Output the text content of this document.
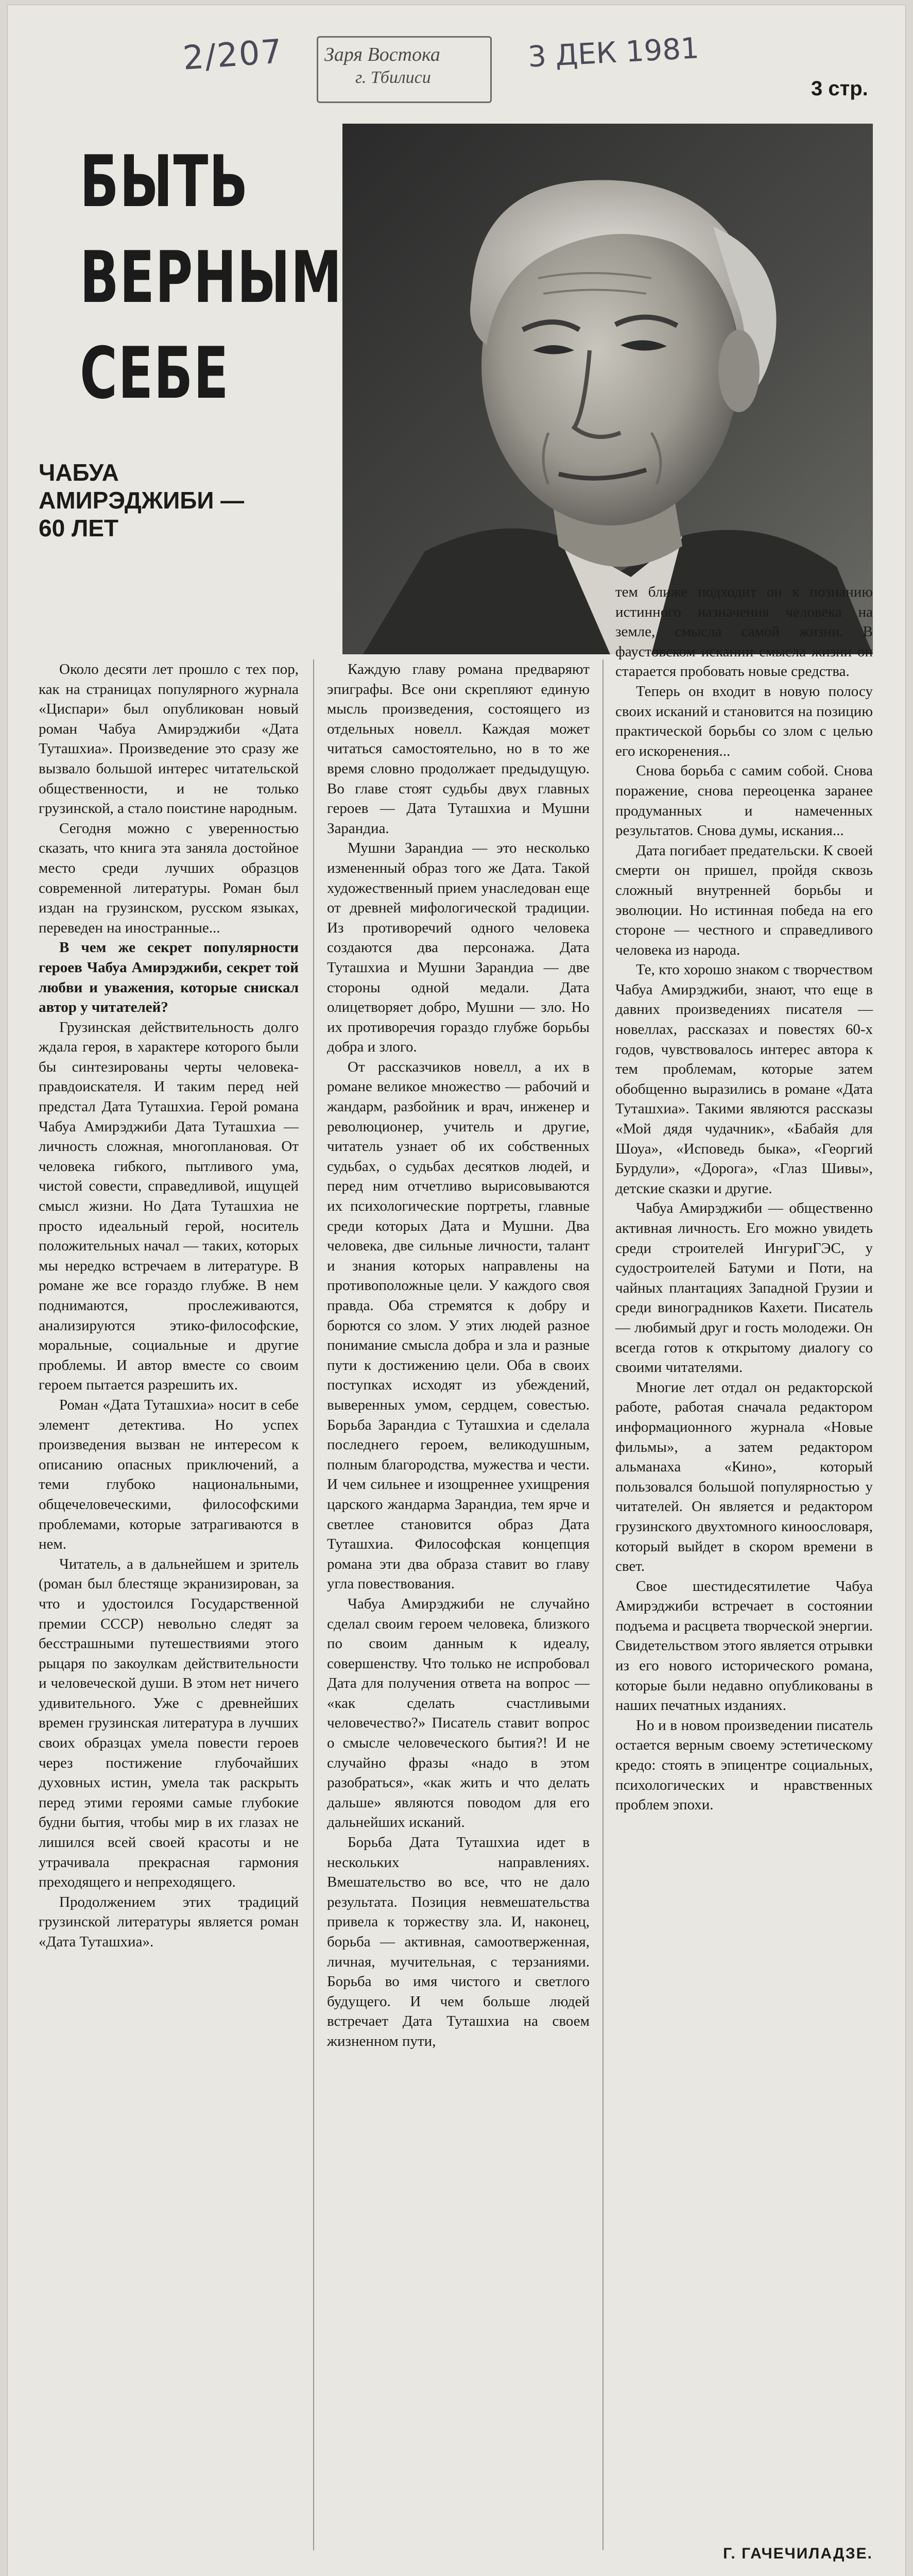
2/207 Заря Востока
г. Тбилиси
3 ДЕК 1981
3 стр.
БЫТЬ
ВЕРНЫМ
СЕБЕ
ЧАБУА АМИРЭДЖИБИ —
60 ЛЕТ

Около десяти лет прошло с тех пор, как на страницах популярного журнала «Циспари» был опубликован новый роман Чабуа Амирэджиби «Дата Туташхиа». Произведение это сразу же вызвало большой интерес читательской общественности, и не только грузинской, а стало поистине народным.

Сегодня можно с уверенностью сказать, что книга эта заняла достойное место среди лучших образцов современной литературы. Роман был издан на грузинском, русском языках, переведен на иностранные...

В чем же секрет популярности героев Чабуа Амирэджиби, секрет той любви и уважения, которые снискал автор у читателей?

Грузинская действительность долго ждала героя, в характере которого были бы синтезированы черты человека-правдоискателя. И таким перед ней предстал Дата Туташхиа. Герой романа Чабуа Амирэджиби Дата Туташхиа — личность сложная, многоплановая. От человека гибкого, пытливого ума, чистой совести, справедливой, ищущей смысл жизни. Но Дата Туташхиа не просто идеальный герой, носитель положительных начал — таких, которых мы нередко встречаем в литературе. В романе же все гораздо глубже. В нем поднимаются, прослеживаются, анализируются этико-философские, моральные, социальные и другие проблемы. И автор вместе со своим героем пытается разрешить их.

Роман «Дата Туташхиа» носит в себе элемент детектива. Но успех произведения вызван не интересом к описанию опасных приключений, а теми глубоко национальными, общечеловеческими, философскими проблемами, которые затрагиваются в нем.

Читатель, а в дальнейшем и зритель (роман был блестяще экранизирован, за что и удостоился Государственной премии СССР) невольно следят за бесстрашными путешествиями этого рыцаря по закоулкам действительности и человеческой души. В этом нет ничего удивительного. Уже с древнейших времен грузинская литература в лучших своих образцах умела повести героев через постижение глубочайших духовных истин, умела так раскрыть перед этими героями самые глубокие будни бытия, чтобы мир в их глазах не лишился всей своей красоты и не утрачивала прекрасная гармония преходящего и непреходящего.

Продолжением этих традиций грузинской литературы является роман «Дата Туташхиа».

Каждую главу романа предваряют эпиграфы. Все они скрепляют единую мысль произведения, состоящего из отдельных новелл. Каждая может читаться самостоятельно, но в то же время словно продолжает предыдущую. Во главе стоят судьбы двух главных героев — Дата Туташхиа и Мушни Зарандиа.

Мушни Зарандиа — это несколько измененный образ того же Дата. Такой художественный прием унаследован еще от древней мифологической традиции. Из противоречий одного человека создаются два персонажа. Дата Туташхиа и Мушни Зарандиа — две стороны одной медали. Дата олицетворяет добро, Мушни — зло. Но их противоречия гораздо глубже борьбы добра и злого.

От рассказчиков новелл, а их в романе великое множество — рабочий и жандарм, разбойник и врач, инженер и революционер, учитель и другие, читатель узнает об их собственных судьбах, о судьбах десятков людей, и перед ним отчетливо вырисовываются их психологические портреты, главные среди которых Дата и Мушни. Два человека, две сильные личности, талант и знания которых направлены на противоположные цели. У каждого своя правда. Оба стремятся к добру и борются со злом. У этих людей разное понимание смысла добра и зла и разные пути к достижению цели. Оба в своих поступках исходят из убеждений, выверенных умом, сердцем, совестью. Борьба Зарандиа с Туташхиа и сделала последнего героем, великодушным, полным благородства, мужества и чести. И чем сильнее и изощреннее ухищрения царского жандарма Зарандиа, тем ярче и светлее становится образ Дата Туташхиа. Философская концепция романа эти два образа ставит во главу угла повествования.

Чабуа Амирэджиби не случайно сделал своим героем человека, близкого по своим данным к идеалу, совершенству. Что только не испробовал Дата для получения ответа на вопрос — «как сделать счастливыми человечество?» Писатель ставит вопрос о смысле человеческого бытия?! И не случайно фразы «надо в этом разобраться», «как жить и что делать дальше» являются поводом для его дальнейших исканий.

Борьба Дата Туташхиа идет в нескольких направлениях. Вмешательство во все, что не дало результата. Позиция невмешательства привела к торжеству зла. И, наконец, борьба — активная, самоотверженная, личная, мучительная, с терзаниями. Борьба во имя чистого и светлого будущего. И чем больше людей встречает Дата Туташхиа на своем жизненном пути,

тем ближе подходит он к познанию истинного назначения человека на земле, смысла самой жизни. В фаустовском искании смысла жизни он старается пробовать новые средства.

Теперь он входит в новую полосу своих исканий и становится на позицию практической борьбы со злом с целью его искоренения...

Снова борьба с самим собой. Снова поражение, снова переоценка заранее продуманных и намеченных результатов. Снова думы, искания...

Дата погибает предательски. К своей смерти он пришел, пройдя сквозь сложный внутренней борьбы и эволюции. Но истинная победа на его стороне — честного и справедливого человека из народа.

Те, кто хорошо знаком с творчеством Чабуа Амирэджиби, знают, что еще в давних произведениях писателя — новеллах, рассказах и повестях 60-х годов, чувствовалось интерес автора к тем проблемам, которые затем обобщенно выразились в романе «Дата Туташхиа». Такими являются рассказы «Мой дядя чудачник», «Бабайя для Шоуа», «Исповедь быка», «Георгий Бурдули», «Дорога», «Глаз Шивы», детские сказки и другие.

Чабуа Амирэджиби — общественно активная личность. Его можно увидеть среди строителей ИнгуриГЭС, у судостроителей Батуми и Поти, на чайных плантациях Западной Грузии и среди виноградников Кахети. Писатель — любимый друг и гость молодежи. Он всегда готов к открытому диалогу со своими читателями.

Многие лет отдал он редакторской работе, работая сначала редактором информационного журнала «Новые фильмы», а затем редактором альманаха «Кино», который пользовался большой популярностью у читателей. Он является и редактором грузинского двухтомного киноословаря, который выйдет в скором времени в свет.

Свое шестидесятилетие Чабуа Амирэджиби встречает в состоянии подъема и расцвета творческой энергии. Свидетельством этого является отрывки из его нового исторического романа, которые были недавно опубликованы в наших печатных изданиях.

Но и в новом произведении писатель остается верным своему эстетическому кредо: стоять в эпицентре социальных, психологических и нравственных проблем эпохи.

Г. ГАЧЕЧИЛАДЗЕ.
